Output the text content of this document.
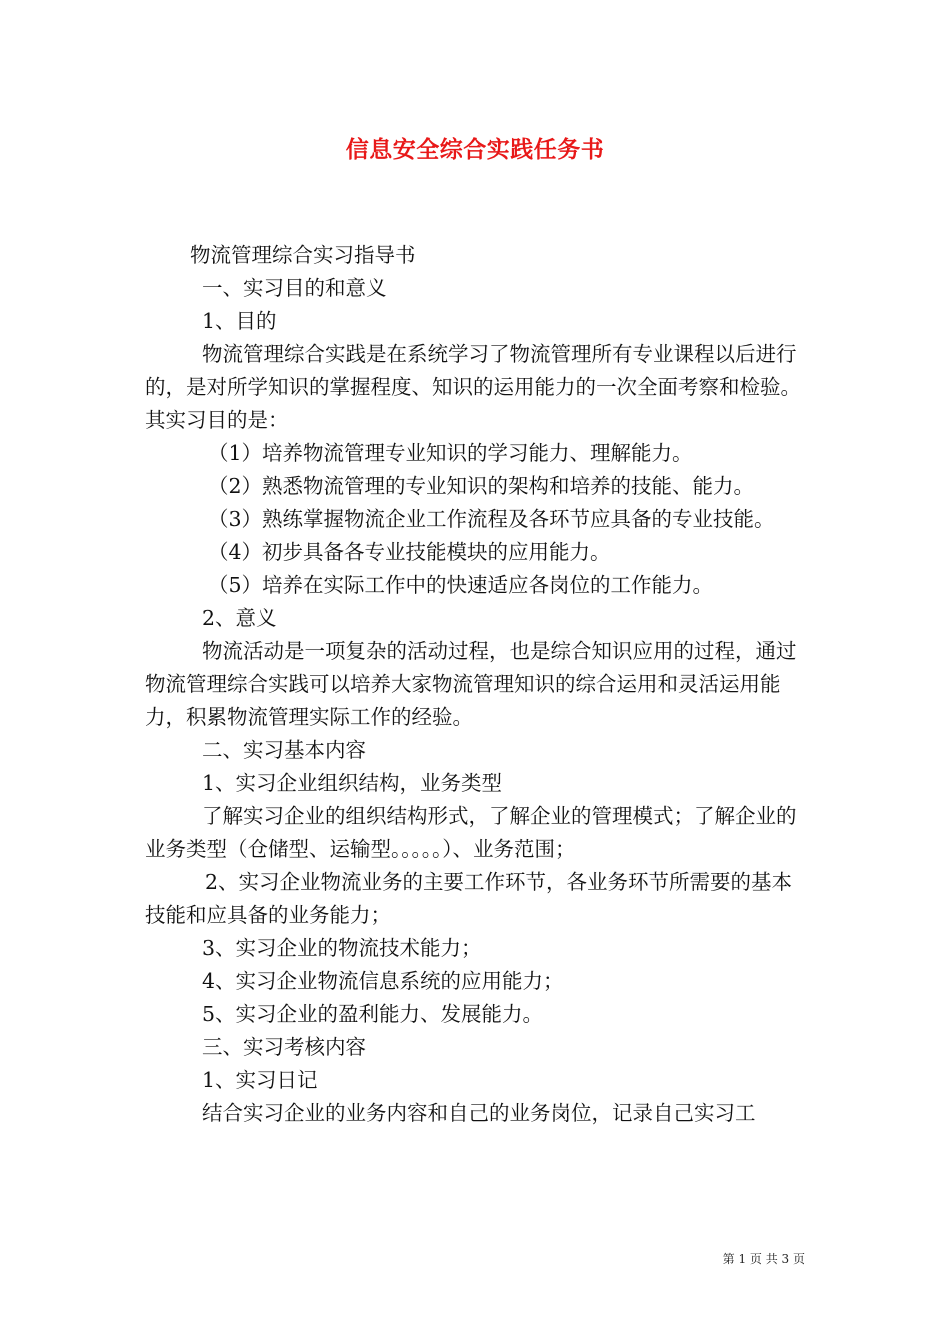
信息安全综合实践任务书

物流管理综合实习指导书

一、实习目的和意义

1、目的

物流管理综合实践是在系统学习了物流管理所有专业课程以后进行的，是对所学知识的掌握程度、知识的运用能力的一次全面考察和检验。其实习目的是：

（1）培养物流管理专业知识的学习能力、理解能力。

（2）熟悉物流管理的专业知识的架构和培养的技能、能力。

（3）熟练掌握物流企业工作流程及各环节应具备的专业技能。

（4）初步具备各专业技能模块的应用能力。

（5）培养在实际工作中的快速适应各岗位的工作能力。

2、意义

物流活动是一项复杂的活动过程，也是综合知识应用的过程，通过物流管理综合实践可以培养大家物流管理知识的综合运用和灵活运用能力，积累物流管理实际工作的经验。

二、实习基本内容

1、实习企业组织结构，业务类型

了解实习企业的组织结构形式，了解企业的管理模式；了解企业的业务类型（仓储型、运输型。。。。。）、业务范围；

2、实习企业物流业务的主要工作环节，各业务环节所需要的基本技能和应具备的业务能力；

3、实习企业的物流技术能力；

4、实习企业物流信息系统的应用能力；

5、实习企业的盈利能力、发展能力。

三、实习考核内容

1、实习日记

结合实习企业的业务内容和自己的业务岗位，记录自己实习工

第 1 页 共 3 页
